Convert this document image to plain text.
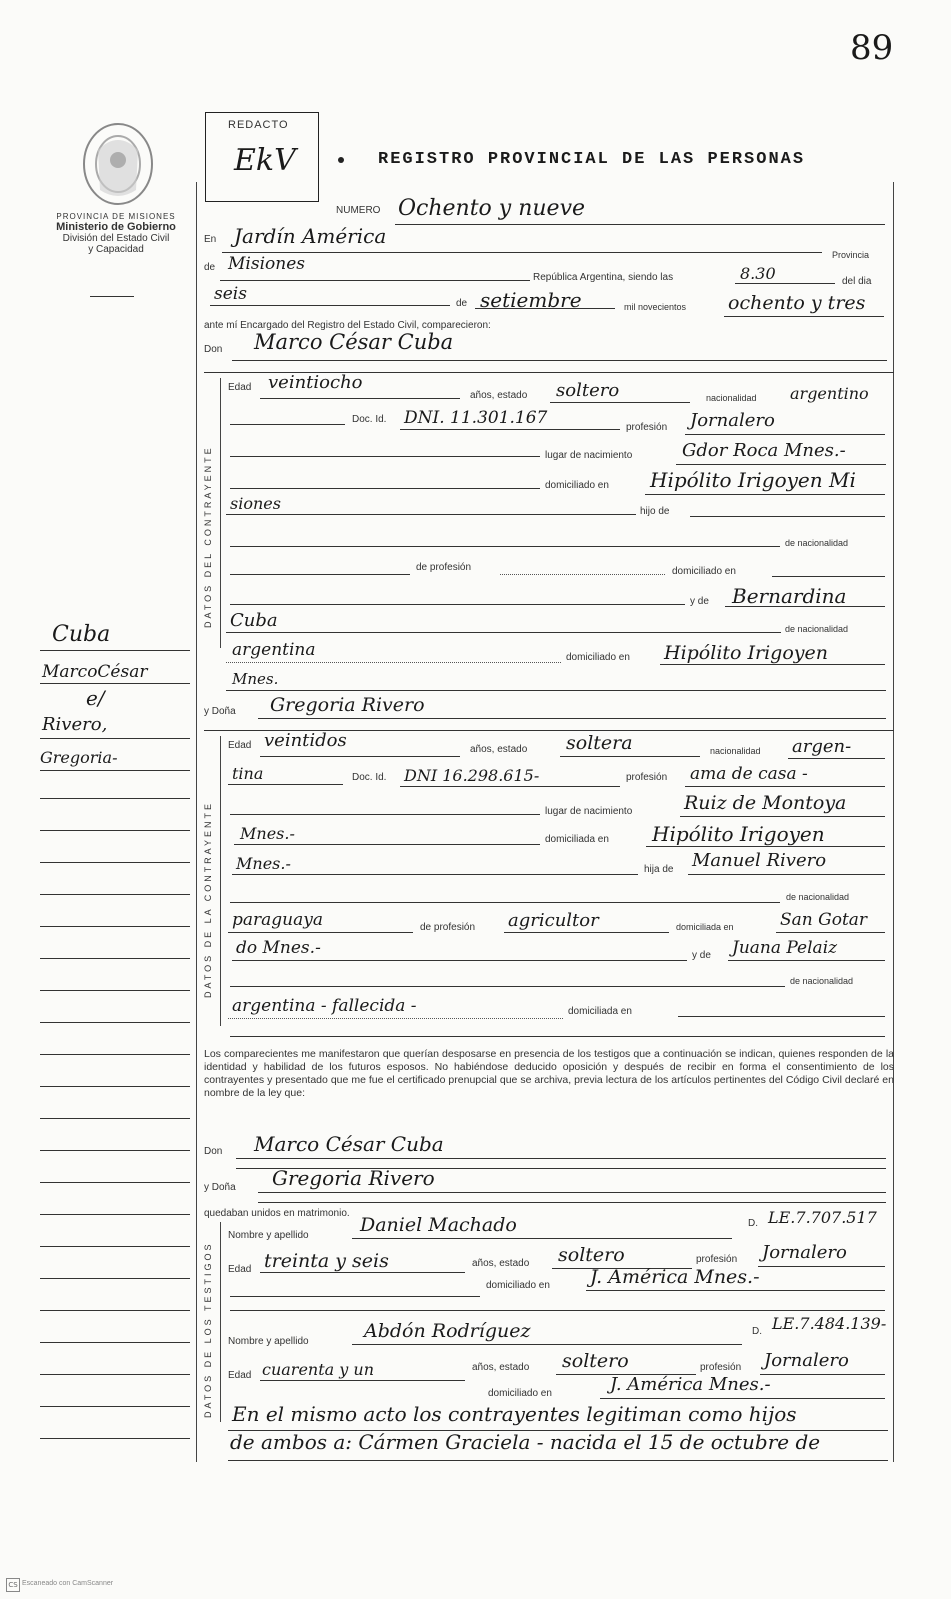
89
REDACTO
EkV	REGISTRO PROVINCIAL DE LAS PERSONAS
PROVINCIA DE MISIONES
Ministerio de Gobierno
División del Estado Civil
y Capacidad
Cuba
MarcoCésar
e/
Rivero,
Gregoria-
NUMERO Ochento y nueve
En Jardín América
Provincia
de Misiones
República Argentina, siendo las	8.30	del dia
seis	de setiembre	mil novecientos ochento y tres
ante mí Encargado del Registro del Estado Civil, comparecieron:
Don Marco César Cuba
DATOS DEL CONTRAYENTE
Edad veintiocho
años, estado soltero	nacionalidad argentino
Doc. Id. DNI. 11.301.167	profesión Jornalero
lugar de nacimiento	Gdor Roca Mnes.-
domiciliado en Hipólito Irigoyen Mi
siones	hijo de
de nacionalidad
de profesión	domiciliado en
y de Bernardina
Cuba	de nacionalidad
argentina	domiciliado en Hipólito Irigoyen
Mnes.
y Doña Gregoria Rivero
DATOS DE LA CONTRAYENTE
Edad veintidos	años, estado soltera	nacionalidad argen-
tina	Doc. Id. DNI 16.298.615-	profesión ama de casa -
lugar de nacimiento	Ruiz de Montoya
Mnes.-	domiciliada en Hipólito Irigoyen
Mnes.-	hija de Manuel Rivero
de nacionalidad
paraguaya	de profesión agricultor	domiciliada en	San Gotar
do Mnes.-	y de Juana Pelaiz
de nacionalidad
argentina - fallecida -	domiciliada en
Los comparecientes me manifestaron que querían desposarse en presencia de los testigos que a continuación se indican, quienes responden de la identidad y habilidad de los futuros esposos. No habiéndose deducido oposición y después de recibir en forma el consentimiento de los contrayentes y presentado que me fue el certificado prenupcial que se archiva, previa lectura de los artículos pertinentes del Código Civil declaré en nombre de la ley que:
Don Marco César Cuba
y Doña Gregoria Rivero
quedaban unidos en matrimonio.
DATOS DE LOS TESTIGOS
Nombre y apellido	Daniel Machado	D. LE.7.707.517
Edad treinta y seis	años, estado soltero	profesión Jornalero
domiciliado en J. América Mnes.-
Nombre y apellido	Abdón Rodríguez	D. LE.7.484.139-
Edad cuarenta y un	años, estado soltero	profesión Jornalero
domiciliado en	J. América Mnes.-
En el mismo acto los contrayentes legitiman como hijos
de ambos a: Cármen Graciela - nacida el 15 de octubre de
CS Escaneado con CamScanner
